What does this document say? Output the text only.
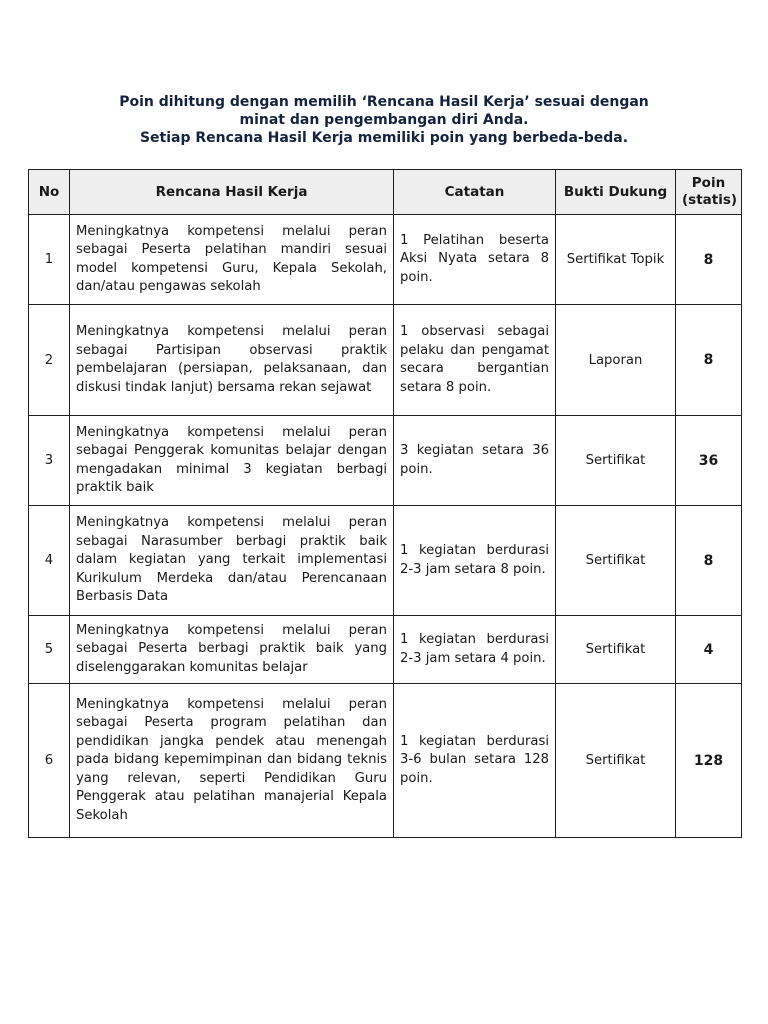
Poin dihitung dengan memilih ‘Rencana Hasil Kerja’ sesuai dengan
minat dan pengembangan diri Anda.
Setiap Rencana Hasil Kerja memiliki poin yang berbeda-beda.
No	Rencana Hasil Kerja	Catatan	Bukti Dukung	Poin
(statis)

1	Meningkatnya kompetensi melalui peran sebagai Peserta pelatihan mandiri sesuai model kompetensi Guru, Kepala Sekolah, dan/atau pengawas sekolah	1 Pelatihan beserta Aksi Nyata setara 8 poin.	Sertifikat Topik	8
2	Meningkatnya kompetensi melalui peran sebagai Partisipan observasi praktik pembelajaran (persiapan, pelaksanaan, dan diskusi tindak lanjut) bersama rekan sejawat	1 observasi sebagai pelaku dan pengamat secara bergantian setara 8 poin.	Laporan	8
3	Meningkatnya kompetensi melalui peran sebagai Penggerak komunitas belajar dengan mengadakan minimal 3 kegiatan berbagi praktik baik	3 kegiatan setara 36 poin.	Sertifikat	36
4	Meningkatnya kompetensi melalui peran sebagai Narasumber berbagi praktik baik dalam kegiatan yang terkait implementasi Kurikulum Merdeka dan/atau Perencanaan Berbasis Data	1 kegiatan berdurasi 2-3 jam setara 8 poin.	Sertifikat	8
5	Meningkatnya kompetensi melalui peran sebagai Peserta berbagi praktik baik yang diselenggarakan komunitas belajar	1 kegiatan berdurasi 2-3 jam setara 4 poin.	Sertifikat	4
6	Meningkatnya kompetensi melalui peran sebagai Peserta program pelatihan dan pendidikan jangka pendek atau menengah pada bidang kepemimpinan dan bidang teknis yang relevan, seperti Pendidikan Guru Penggerak atau pelatihan manajerial Kepala Sekolah	1 kegiatan berdurasi 3-6 bulan setara 128 poin.	Sertifikat	128
